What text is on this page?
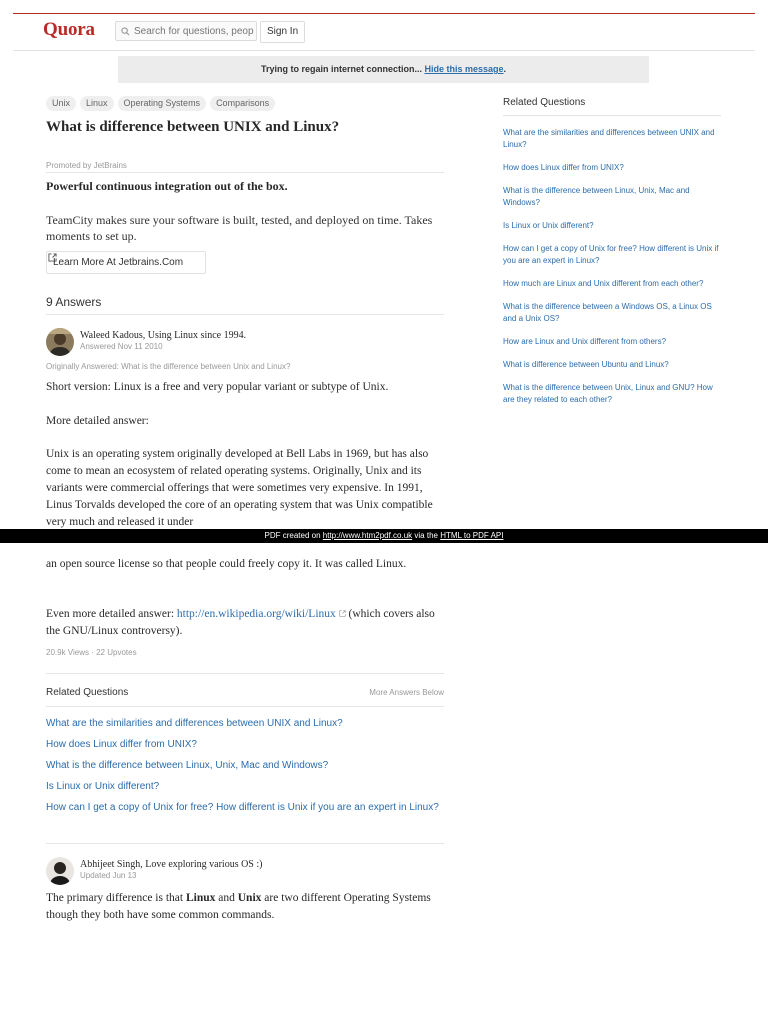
Quora
Search for questions, people, and topics	Sign In
Trying to regain internet connection... Hide this message.
Unix	Linux	Operating Systems	Comparisons
What is difference between UNIX and Linux?
Promoted by JetBrains
Powerful continuous integration out of the box.
TeamCity makes sure your software is built, tested, and deployed on time. Takes moments to set up.
Learn More At Jetbrains.Com
9 Answers
Waleed Kadous, Using Linux since 1994.
Answered Nov 11 2010
Originally Answered: What is the difference between Unix and Linux?

Short version: Linux is a free and very popular variant or subtype of Unix.

More detailed answer:

Unix is an operating system originally developed at Bell Labs in 1969, but has also come to mean an ecosystem of related operating systems. Originally, Unix and its variants were commercial offerings that were sometimes very expensive. In 1991, Linus Torvalds developed the core of an operating system that was Unix compatible very much and released it under

PDF created on http://www.htm2pdf.co.uk via the HTML to PDF API

an open source license so that people could freely copy it. It was called Linux.

Even more detailed answer: http://en.wikipedia.org/wiki/Linux (which covers also the GNU/Linux controversy).

20.9k Views · 22 Upvotes
Related Questions	More Answers Below
What are the similarities and differences between UNIX and Linux?
How does Linux differ from UNIX?
What is the difference between Linux, Unix, Mac and Windows?
Is Linux or Unix different?
How can I get a copy of Unix for free? How different is Unix if you are an expert in Linux?
Abhijeet Singh, Love exploring various OS :)
Updated Jun 13

The primary difference is that Linux and Unix are two different Operating Systems though they both have some common commands.

Related Questions
What are the similarities and differences between UNIX and Linux?
How does Linux differ from UNIX?
What is the difference between Linux, Unix, Mac and Windows?
Is Linux or Unix different?
How can I get a copy of Unix for free? How different is Unix if you are an expert in Linux?
How much are Linux and Unix different from each other?
What is the difference between a Windows OS, a Linux OS and a Unix OS?
How are Linux and Unix different from others?
What is difference between Ubuntu and Linux?
What is the difference between Unix, Linux and GNU? How are they related to each other?
